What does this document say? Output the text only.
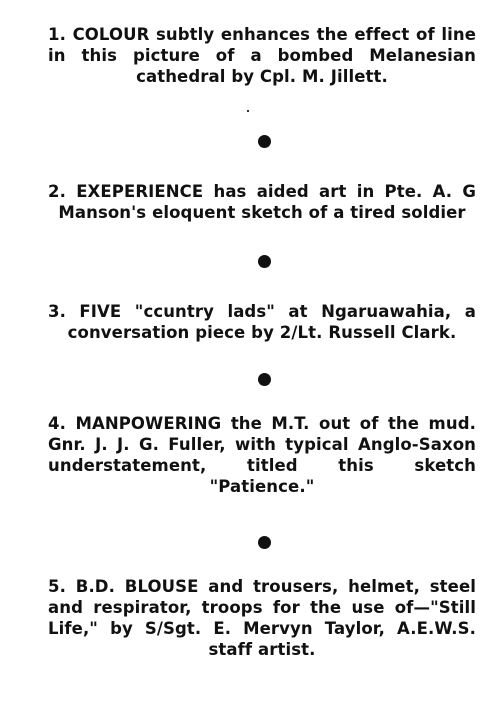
1. COLOUR subtly enhances the effect of line in this picture of a bombed Melanesian cathedral by Cpl. M. Jillett.

2. EXEPERIENCE has aided art in Pte. A. G Manson's eloquent sketch of a tired soldier

3. FIVE "ccuntry lads" at Ngaruawahia, a conversation piece by 2/Lt. Russell Clark.

4. MANPOWERING the M.T. out of the mud. Gnr. J. J. G. Fuller, with typical Anglo-Saxon understatement, titled this sketch "Patience."

5. B.D. BLOUSE and trousers, helmet, steel and respirator, troops for the use of—"Still Life," by S/Sgt. E. Mervyn Taylor, A.E.W.S. staff artist.
